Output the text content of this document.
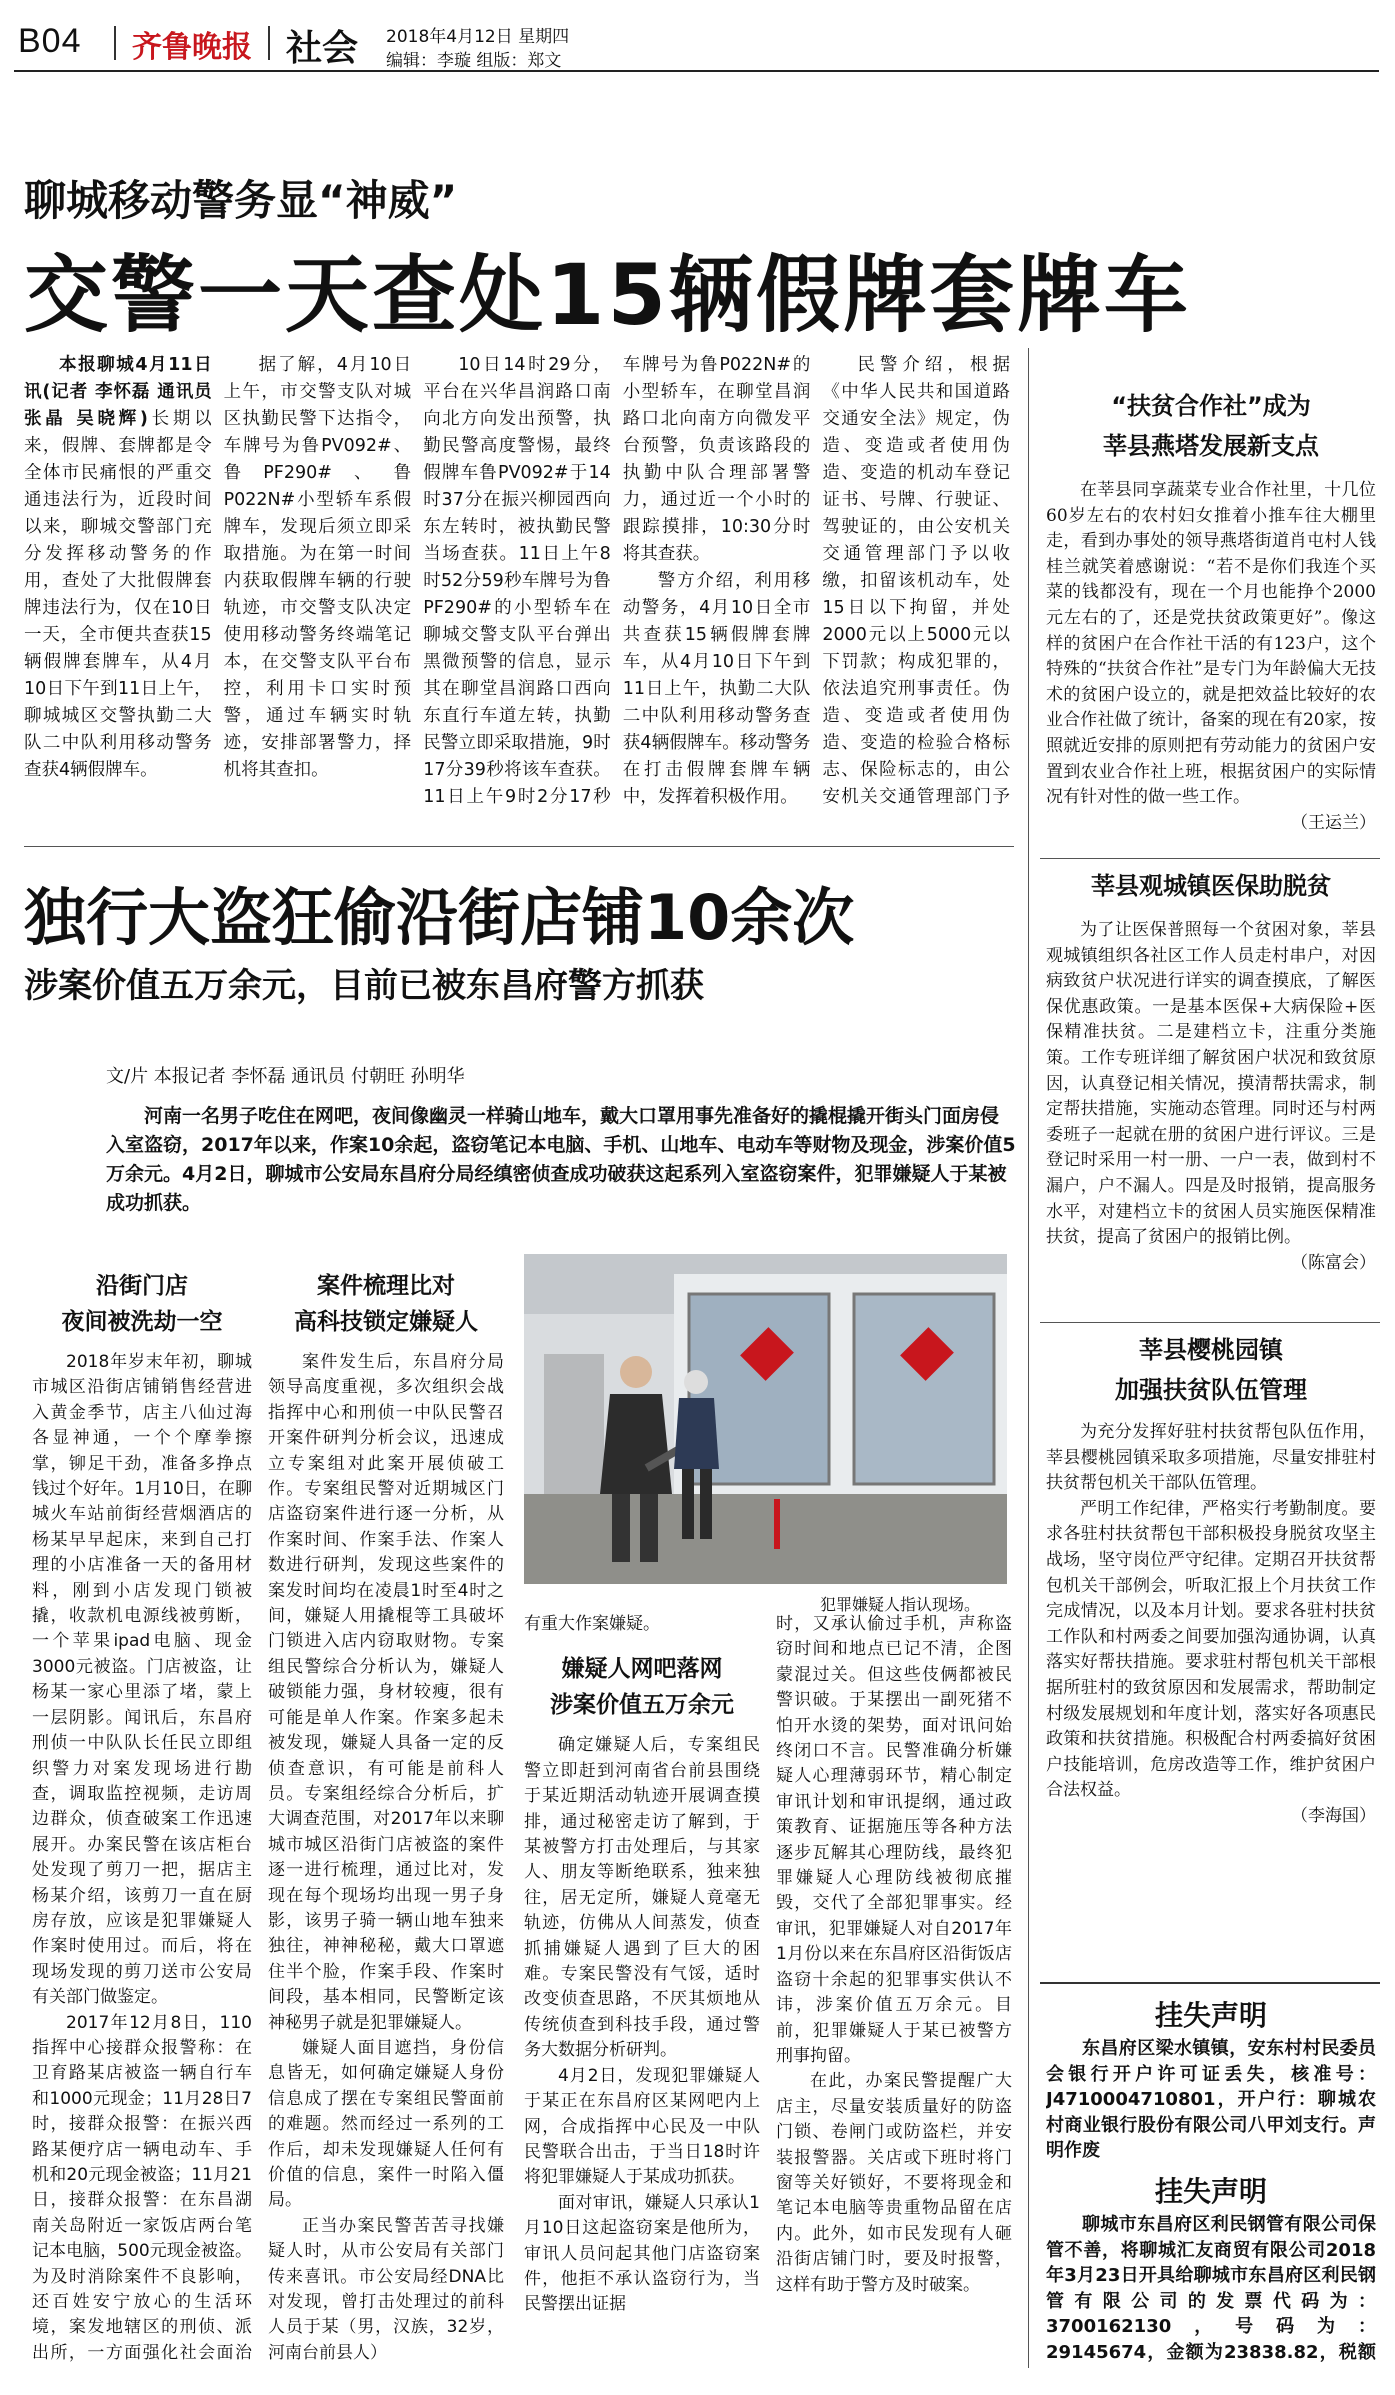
B04 齐鲁晚报 社会 2018年4月12日 星期四
编辑：李璇 组版：郑文
聊城移动警务显“神威”
交警一天查处15辆假牌套牌车

本报聊城4月11日讯(记者 李怀磊 通讯员 张晶 吴晓辉)长期以来，假牌、套牌都是令全体市民痛恨的严重交通违法行为，近段时间以来，聊城交警部门充分发挥移动警务的作用，查处了大批假牌套牌违法行为，仅在10日一天，全市便共查获15辆假牌套牌车，从4月10日下午到11日上午，聊城城区交警执勤二大队二中队利用移动警务查获4辆假牌车。

据了解，4月10日上午，市交警支队对城区执勤民警下达指令，车牌号为鲁PV092#、鲁PF290#、鲁P022N#小型轿车系假牌车，发现后须立即采取措施。为在第一时间内获取假牌车辆的行驶轨迹，市交警支队决定使用移动警务终端笔记本，在交警支队平台布控，利用卡口实时预警，通过车辆实时轨迹，安排部署警力，择机将其查扣。

10日14时29分，平台在兴华昌润路口南向北方向发出预警，执勤民警高度警惕，最终假牌车鲁PV092#于14时37分在振兴柳园西向东左转时，被执勤民警当场查获。11日上午8时52分59秒车牌号为鲁PF290#的小型轿车在聊城交警支队平台弹出黑微预警的信息，显示其在聊堂昌润路口西向东直行车道左转，执勤民警立即采取措施，9时17分39秒将该车查获。11日上午9时2分17秒车牌号为鲁P022N#的小型轿车，在聊堂昌润路口北向南方向微发平台预警，负责该路段的执勤中队合理部署警力，通过近一个小时的跟踪摸排，10:30分时将其查获。

警方介绍，利用移动警务，4月10日全市共查获15辆假牌套牌车，从4月10日下午到11日上午，执勤二大队二中队利用移动警务查获4辆假牌车。移动警务在打击假牌套牌车辆中，发挥着积极作用。

民警介绍，根据《中华人民共和国道路交通安全法》规定，伪造、变造或者使用伪造、变造的机动车登记证书、号牌、行驶证、驾驶证的，由公安机关交通管理部门予以收缴，扣留该机动车，处15日以下拘留，并处2000元以上5000元以下罚款；构成犯罪的，依法追究刑事责任。伪造、变造或者使用伪造、变造的检验合格标志、保险标志的，由公安机关交通管理部门予

独行大盗狂偷沿街店铺10余次
涉案价值五万余元，目前已被东昌府警方抓获
文/片 本报记者 李怀磊 通讯员 付朝旺 孙明华
河南一名男子吃住在网吧，夜间像幽灵一样骑山地车，戴大口罩用事先准备好的撬棍撬开街头门面房侵入室盗窃，2017年以来，作案10余起，盗窃笔记本电脑、手机、山地车、电动车等财物及现金，涉案价值5万余元。4月2日，聊城市公安局东昌府分局经缜密侦查成功破获这起系列入室盗窃案件，犯罪嫌疑人于某被成功抓获。
沿街门店
夜间被洗劫一空

2018年岁末年初，聊城市城区沿街店铺销售经营进入黄金季节，店主八仙过海各显神通，一个个摩拳擦掌，铆足干劲，准备多挣点钱过个好年。1月10日，在聊城火车站前街经营烟酒店的杨某早早起床，来到自己打理的小店准备一天的备用材料，刚到小店发现门锁被撬，收款机电源线被剪断，一个苹果ipad电脑、现金3000元被盗。门店被盗，让杨某一家心里添了堵，蒙上一层阴影。闻讯后，东昌府刑侦一中队队长任民立即组织警力对案发现场进行勘查，调取监控视频，走访周边群众，侦查破案工作迅速展开。办案民警在该店柜台处发现了剪刀一把，据店主杨某介绍，该剪刀一直在厨房存放，应该是犯罪嫌疑人作案时使用过。而后，将在现场发现的剪刀送市公安局有关部门做鉴定。

2017年12月8日，110指挥中心接群众报警称：在卫育路某店被盗一辆自行车和1000元现金；11月28日7时，接群众报警：在振兴西路某便疗店一辆电动车、手机和20元现金被盗；11月21日，接群众报警：在东昌湖南关岛附近一家饭店两台笔记本电脑，500元现金被盗。为及时消除案件不良影响，还百姓安宁放心的生活环境，案发地辖区的刑侦、派出所，一方面强化社会面治

案件梳理比对
高科技锁定嫌疑人

案件发生后，东昌府分局领导高度重视，多次组织会战指挥中心和刑侦一中队民警召开案件研判分析会议，迅速成立专案组对此案开展侦破工作。专案组民警对近期城区门店盗窃案件进行逐一分析，从作案时间、作案手法、作案人数进行研判，发现这些案件的案发时间均在凌晨1时至4时之间，嫌疑人用撬棍等工具破坏门锁进入店内窃取财物。专案组民警综合分析认为，嫌疑人破锁能力强，身材较瘦，很有可能是单人作案。作案多起未被发现，嫌疑人具备一定的反侦查意识，有可能是前科人员。专案组经综合分析后，扩大调查范围，对2017年以来聊城市城区沿街门店被盗的案件逐一进行梳理，通过比对，发现在每个现场均出现一男子身影，该男子骑一辆山地车独来独往，神神秘秘，戴大口罩遮住半个脸，作案手段、作案时间段，基本相同，民警断定该神秘男子就是犯罪嫌疑人。

嫌疑人面目遮挡，身份信息皆无，如何确定嫌疑人身份信息成了摆在专案组民警面前的难题。然而经过一系列的工作后，却未发现嫌疑人任何有价值的信息，案件一时陷入僵局。

正当办案民警苦苦寻找嫌疑人时，从市公安局有关部门传来喜讯。市公安局经DNA比对发现，曾打击处理过的前科人员于某（男，汉族，32岁，河南台前县人）

犯罪嫌疑人指认现场。

有重大作案嫌疑。

嫌疑人网吧落网
涉案价值五万余元

确定嫌疑人后，专案组民警立即赶到河南省台前县围绕于某近期活动轨迹开展调查摸排，通过秘密走访了解到，于某被警方打击处理后，与其家人、朋友等断绝联系，独来独往，居无定所，嫌疑人竟毫无轨迹，仿佛从人间蒸发，侦查抓捕嫌疑人遇到了巨大的困难。专案民警没有气馁，适时改变侦查思路，不厌其烦地从传统侦查到科技手段，通过警务大数据分析研判。

4月2日，发现犯罪嫌疑人于某正在东昌府区某网吧内上网，合成指挥中心民及一中队民警联合出击，于当日18时许将犯罪嫌疑人于某成功抓获。

面对审讯，嫌疑人只承认1月10日这起盗窃案是他所为，审讯人员问起其他门店盗窃案件，他拒不承认盗窃行为，当民警摆出证据

时，又承认偷过手机，声称盗窃时间和地点已记不清，企图蒙混过关。但这些伎俩都被民警识破。于某摆出一副死猪不怕开水烫的架势，面对讯问始终闭口不言。民警准确分析嫌疑人心理薄弱环节，精心制定审讯计划和审讯提纲，通过政策教育、证据施压等各种方法逐步瓦解其心理防线，最终犯罪嫌疑人心理防线被彻底摧毁，交代了全部犯罪事实。经审讯，犯罪嫌疑人对自2017年1月份以来在东昌府区沿街饭店盗窃十余起的犯罪事实供认不讳，涉案价值五万余元。目前，犯罪嫌疑人于某已被警方刑事拘留。

在此，办案民警提醒广大店主，尽量安装质量好的防盗门锁、卷闸门或防盗栏，并安装报警器。关店或下班时将门窗等关好锁好，不要将现金和笔记本电脑等贵重物品留在店内。此外，如市民发现有人砸沿街店铺门时，要及时报警，这样有助于警方及时破案。

“扶贫合作社”成为
莘县燕塔发展新支点

在莘县同享蔬菜专业合作社里，十几位60岁左右的农村妇女推着小推车往大棚里走，看到办事处的领导燕塔街道肖屯村人钱桂兰就笑着感谢说：“若不是你们我连个买菜的钱都没有，现在一个月也能挣个2000元左右的了，还是党扶贫政策更好”。像这样的贫困户在合作社干活的有123户，这个特殊的“扶贫合作社”是专门为年龄偏大无技术的贫困户设立的，就是把效益比较好的农业合作社做了统计，备案的现在有20家，按照就近安排的原则把有劳动能力的贫困户安置到农业合作社上班，根据贫困户的实际情况有针对性的做一些工作。

（王运兰）
莘县观城镇医保助脱贫

为了让医保普照每一个贫困对象，莘县观城镇组织各社区工作人员走村串户，对因病致贫户状况进行详实的调查摸底，了解医保优惠政策。一是基本医保+大病保险+医保精准扶贫。二是建档立卡，注重分类施策。工作专班详细了解贫困户状况和致贫原因，认真登记相关情况，摸清帮扶需求，制定帮扶措施，实施动态管理。同时还与村两委班子一起就在册的贫困户进行评议。三是登记时采用一村一册、一户一表，做到村不漏户，户不漏人。四是及时报销，提高服务水平，对建档立卡的贫困人员实施医保精准扶贫，提高了贫困户的报销比例。

（陈富会）
莘县樱桃园镇
加强扶贫队伍管理

为充分发挥好驻村扶贫帮包队伍作用，莘县樱桃园镇采取多项措施，尽量安排驻村扶贫帮包机关干部队伍管理。

严明工作纪律，严格实行考勤制度。要求各驻村扶贫帮包干部积极投身脱贫攻坚主战场，坚守岗位严守纪律。定期召开扶贫帮包机关干部例会，听取汇报上个月扶贫工作完成情况，以及本月计划。要求各驻村扶贫工作队和村两委之间要加强沟通协调，认真落实好帮扶措施。要求驻村帮包机关干部根据所驻村的致贫原因和发展需求，帮助制定村级发展规划和年度计划，落实好各项惠民政策和扶贫措施。积极配合村两委搞好贫困户技能培训，危房改造等工作，维护贫困户合法权益。

（李海国）
挂失声明

东昌府区梁水镇镇，安东村村民委员会银行开户许可证丢失，核准号：J4710004710801，开户行：聊城农村商业银行股份有限公司八甲刘支行。声明作废

挂失声明

聊城市东昌府区利民钢管有限公司保管不善，将聊城汇友商贸有限公司2018年3月23日开具给聊城市东昌府区利民钢管有限公司的发票代码为：3700162130，号码为：29145674，金额为23838.82，税额
